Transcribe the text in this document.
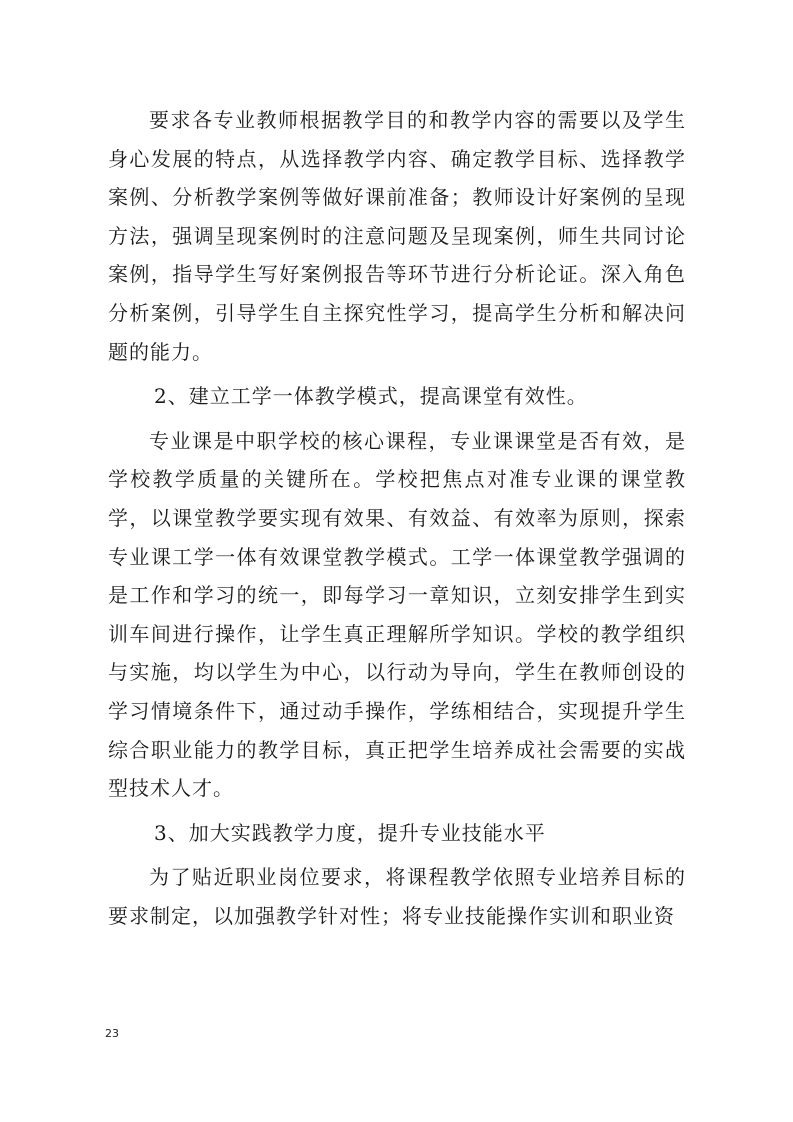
要求各专业教师根据教学目的和教学内容的需要以及学生身心发展的特点，从选择教学内容、确定教学目标、选择教学案例、分析教学案例等做好课前准备；教师设计好案例的呈现方法，强调呈现案例时的注意问题及呈现案例，师生共同讨论案例，指导学生写好案例报告等环节进行分析论证。深入角色分析案例，引导学生自主探究性学习，提高学生分析和解决问题的能力。

2、建立工学一体教学模式，提高课堂有效性。

专业课是中职学校的核心课程，专业课课堂是否有效，是学校教学质量的关键所在。学校把焦点对准专业课的课堂教学，以课堂教学要实现有效果、有效益、有效率为原则，探索专业课工学一体有效课堂教学模式。工学一体课堂教学强调的是工作和学习的统一，即每学习一章知识，立刻安排学生到实训车间进行操作，让学生真正理解所学知识。学校的教学组织与实施，均以学生为中心，以行动为导向，学生在教师创设的学习情境条件下，通过动手操作，学练相结合，实现提升学生综合职业能力的教学目标，真正把学生培养成社会需要的实战型技术人才。

3、加大实践教学力度，提升专业技能水平

为了贴近职业岗位要求，将课程教学依照专业培养目标的要求制定，以加强教学针对性；将专业技能操作实训和职业资

23
